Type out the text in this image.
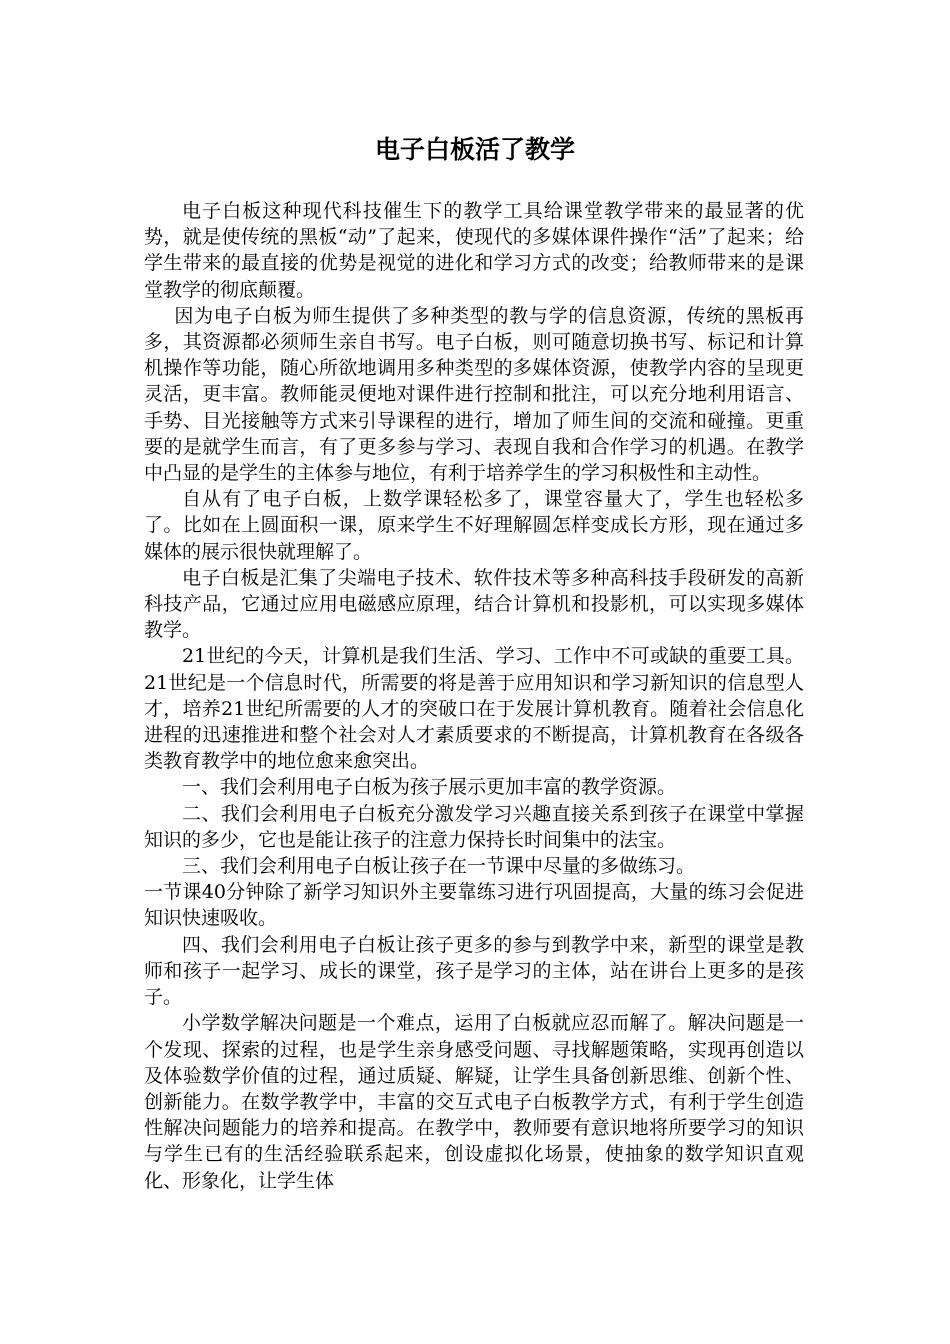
电子白板活了教学

电子白板这种现代科技催生下的教学工具给课堂教学带来的最显著的优势，就是使传统的黑板“动”了起来，使现代的多媒体课件操作“活”了起来；给学生带来的最直接的优势是视觉的进化和学习方式的改变；给教师带来的是课堂教学的彻底颠覆。

因为电子白板为师生提供了多种类型的教与学的信息资源，传统的黑板再多，其资源都必须师生亲自书写。电子白板，则可随意切换书写、标记和计算机操作等功能，随心所欲地调用多种类型的多媒体资源，使教学内容的呈现更灵活，更丰富。教师能灵便地对课件进行控制和批注，可以充分地利用语言、手势、目光接触等方式来引导课程的进行，增加了师生间的交流和碰撞。更重要的是就学生而言，有了更多参与学习、表现自我和合作学习的机遇。在教学中凸显的是学生的主体参与地位，有利于培养学生的学习积极性和主动性。

自从有了电子白板，上数学课轻松多了，课堂容量大了，学生也轻松多了。比如在上圆面积一课，原来学生不好理解圆怎样变成长方形，现在通过多媒体的展示很快就理解了。

电子白板是汇集了尖端电子技术、软件技术等多种高科技手段研发的高新科技产品，它通过应用电磁感应原理，结合计算机和投影机，可以实现多媒体教学。

21世纪的今天，计算机是我们生活、学习、工作中不可或缺的重要工具。21世纪是一个信息时代，所需要的将是善于应用知识和学习新知识的信息型人才，培养21世纪所需要的人才的突破口在于发展计算机教育。随着社会信息化进程的迅速推进和整个社会对人才素质要求的不断提高，计算机教育在各级各类教育教学中的地位愈来愈突出。

一、我们会利用电子白板为孩子展示更加丰富的教学资源。

二、我们会利用电子白板充分激发学习兴趣直接关系到孩子在课堂中掌握知识的多少，它也是能让孩子的注意力保持长时间集中的法宝。

三、我们会利用电子白板让孩子在一节课中尽量的多做练习。

一节课40分钟除了新学习知识外主要靠练习进行巩固提高，大量的练习会促进知识快速吸收。

四、我们会利用电子白板让孩子更多的参与到教学中来，新型的课堂是教师和孩子一起学习、成长的课堂，孩子是学习的主体，站在讲台上更多的是孩子。

小学数学解决问题是一个难点，运用了白板就应忍而解了。解决问题是一个发现、探索的过程，也是学生亲身感受问题、寻找解题策略，实现再创造以及体验数学价值的过程，通过质疑、解疑，让学生具备创新思维、创新个性、创新能力。在数学教学中，丰富的交互式电子白板教学方式，有利于学生创造性解决问题能力的培养和提高。在教学中，教师要有意识地将所要学习的知识与学生已有的生活经验联系起来，创设虚拟化场景，使抽象的数学知识直观化、形象化，让学生体
